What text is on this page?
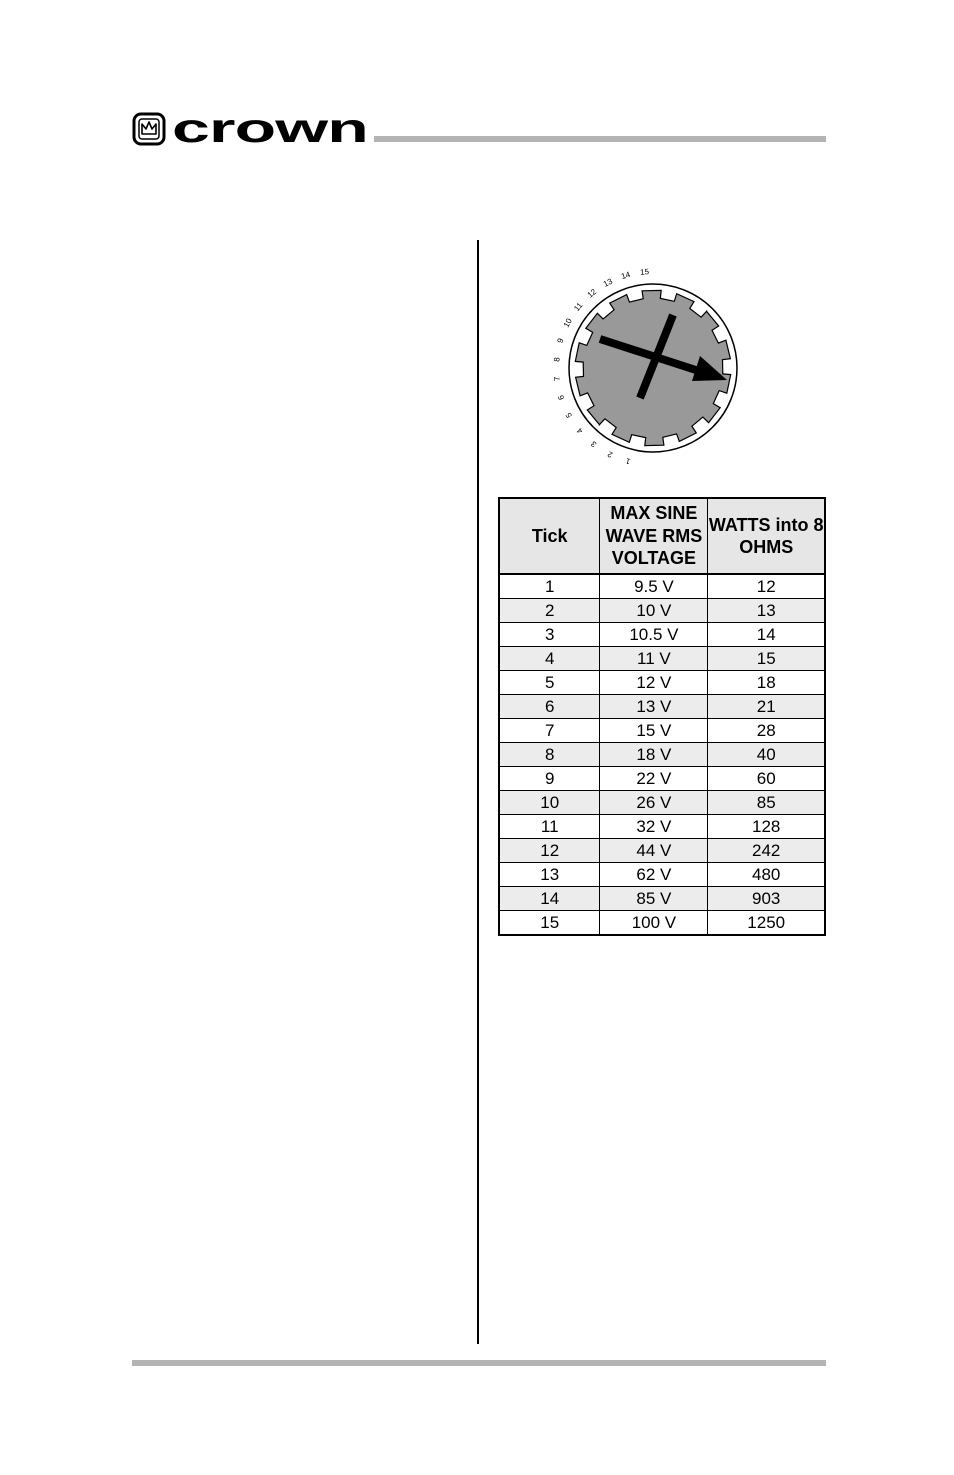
crown
1
2
3
4
5
6
7
8
9
10
11
12
13
14 15
Tick	MAX SINE WAVE RMS VOLTAGE	WATTS into 8 OHMS
1	9.5 V	12
2	10 V	13
3	10.5 V	14
4	11 V	15
5	12 V	18
6	13 V	21
7	15 V	28
8	18 V	40
9	22 V	60
10	26 V	85
11	32 V	128
12	44 V	242
13	62 V	480
14	85 V	903
15	100 V	1250
